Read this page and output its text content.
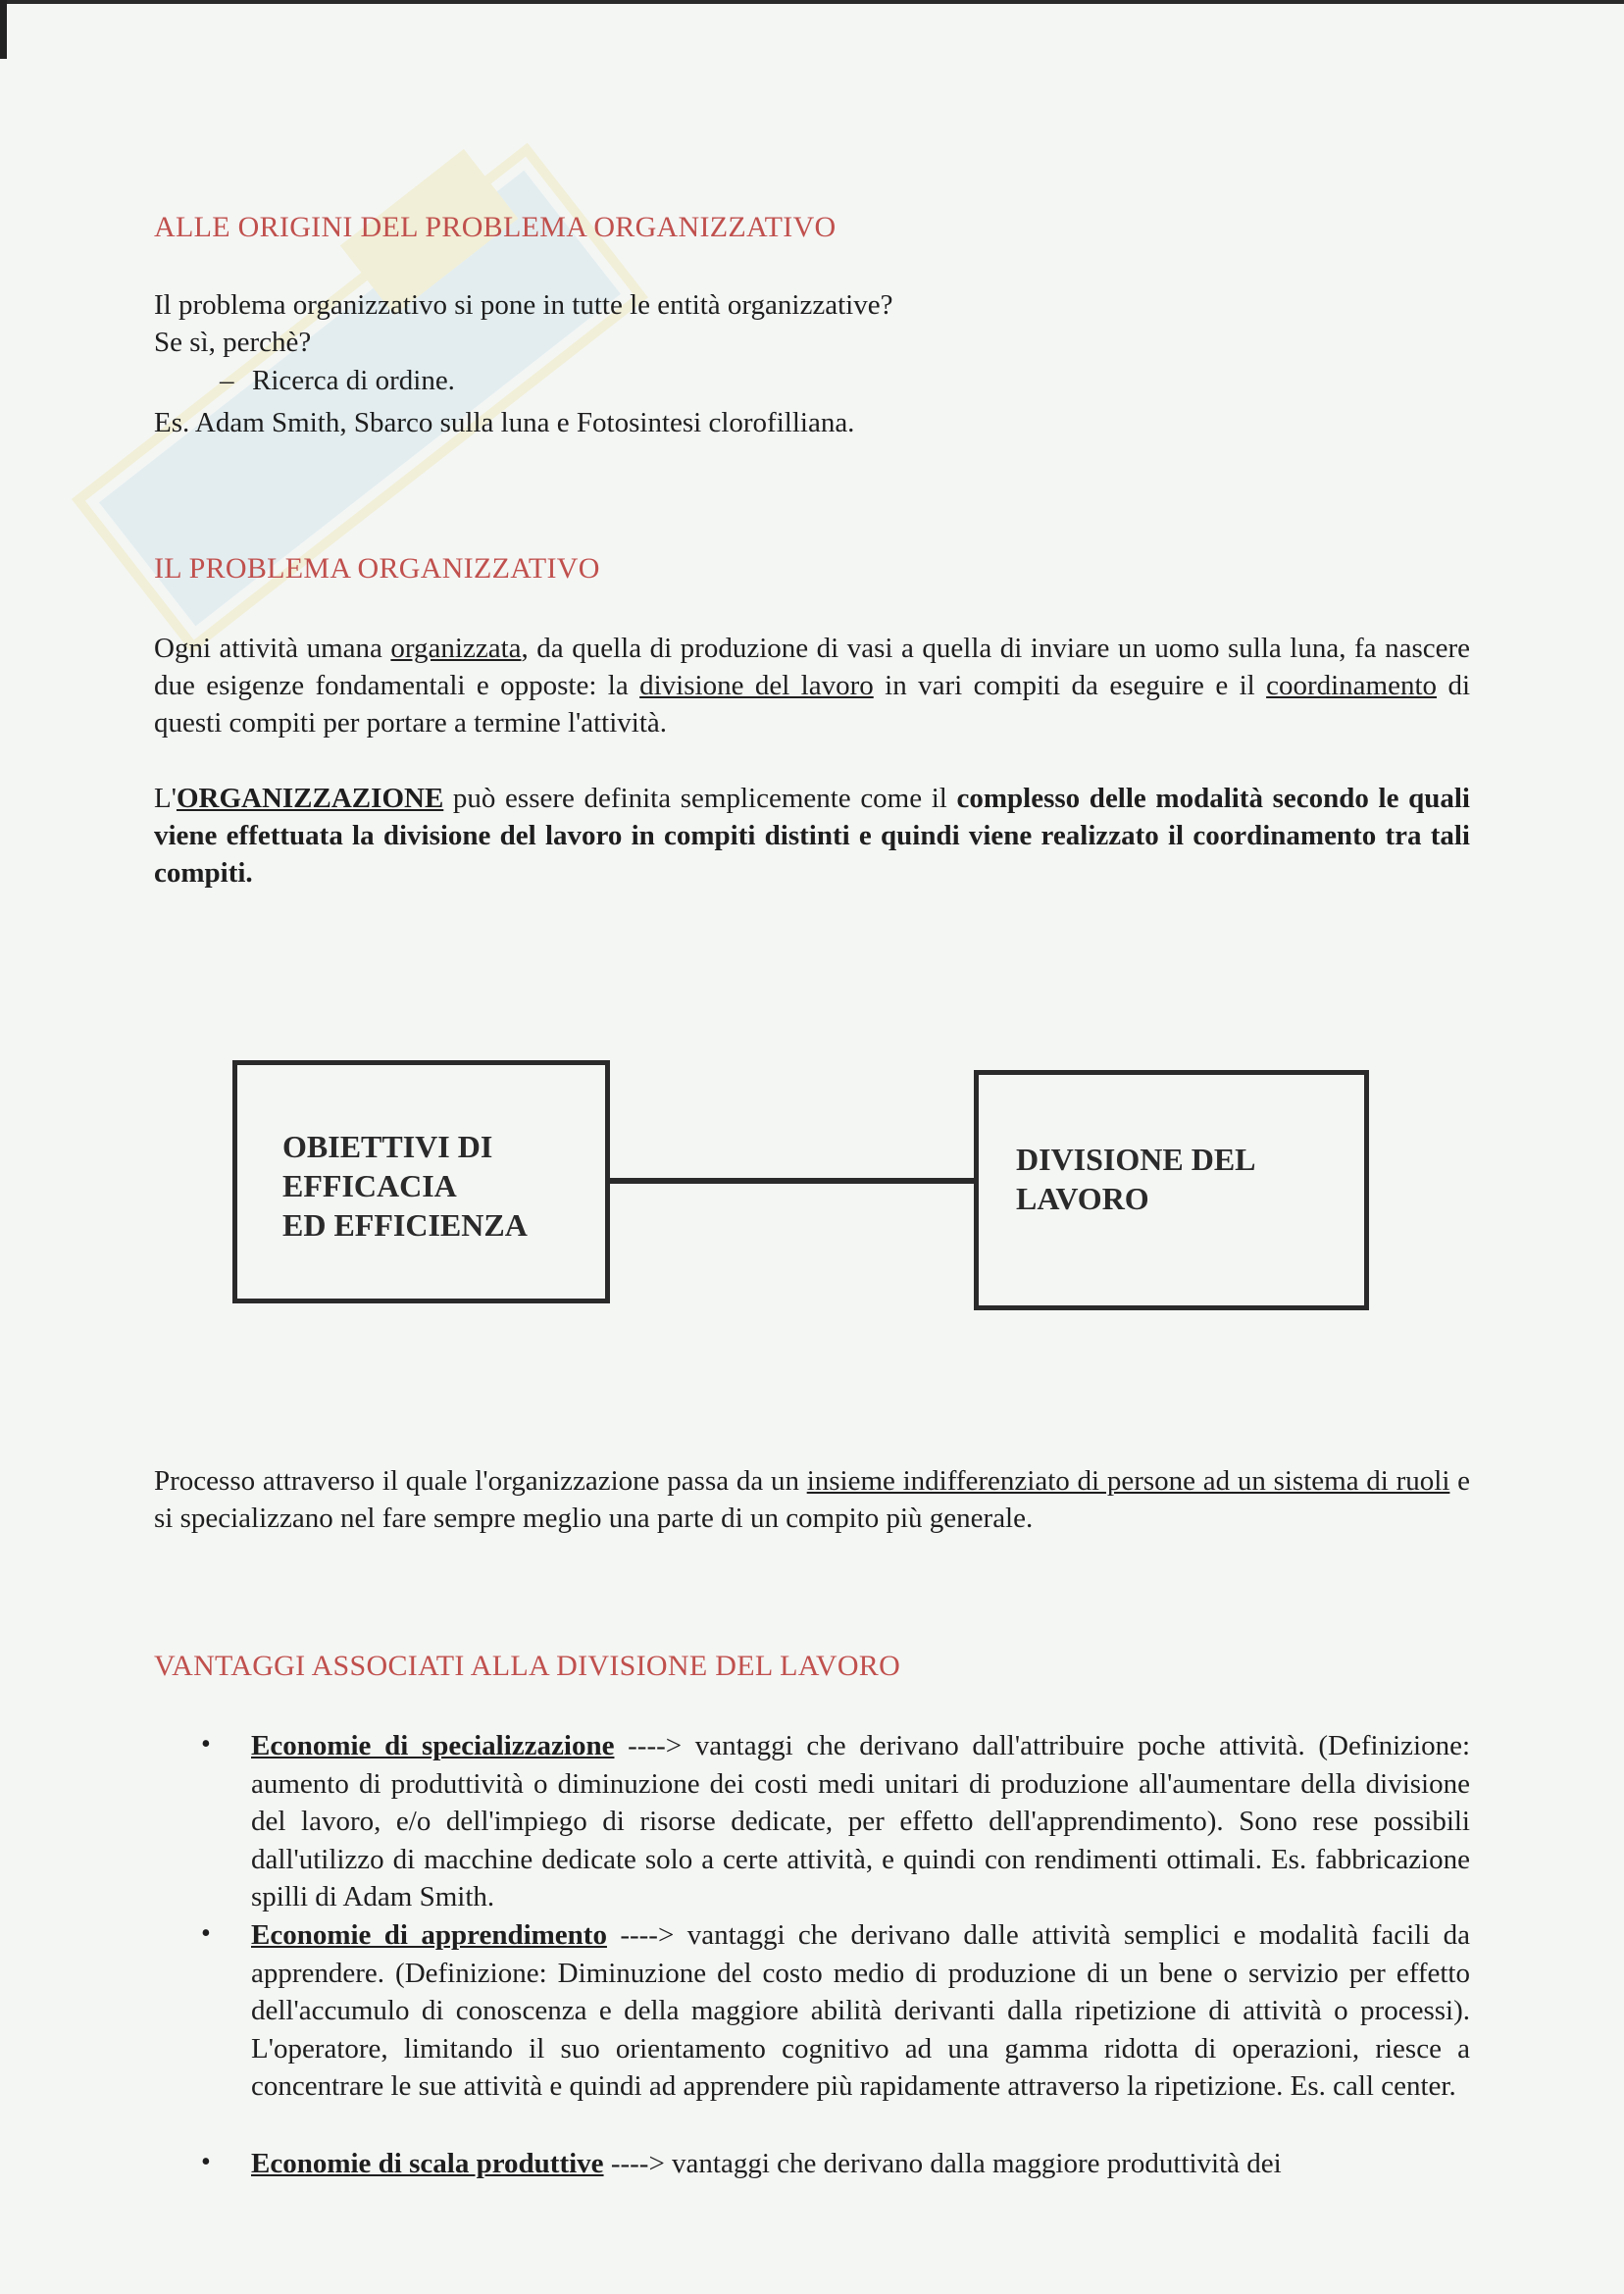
ALLE ORIGINI DEL PROBLEMA ORGANIZZATIVO
Il problema organizzativo si pone in tutte le entità organizzative?
Se sì, perchè?
– Ricerca di ordine.
Es. Adam Smith, Sbarco sulla luna e Fotosintesi clorofilliana.
IL PROBLEMA ORGANIZZATIVO
Ogni attività umana organizzata, da quella di produzione di vasi a quella di inviare un uomo sulla luna, fa nascere due esigenze fondamentali e opposte: la divisione del lavoro in vari compiti da eseguire e il coordinamento di questi compiti per portare a termine l'attività.
L'ORGANIZZAZIONE può essere definita semplicemente come il complesso delle modalità secondo le quali viene effettuata la divisione del lavoro in compiti distinti e quindi viene realizzato il coordinamento tra tali compiti.
OBIETTIVI DI
EFFICACIA
ED EFFICIENZA
DIVISIONE DEL
LAVORO
Processo attraverso il quale l'organizzazione passa da un insieme indifferenziato di persone ad un sistema di ruoli e si specializzano nel fare sempre meglio una parte di un compito più generale.
VANTAGGI ASSOCIATI ALLA DIVISIONE DEL LAVORO
• Economie di specializzazione ----> vantaggi che derivano dall'attribuire poche attività. (Definizione: aumento di produttività o diminuzione dei costi medi unitari di produzione all'aumentare della divisione del lavoro, e/o dell'impiego di risorse dedicate, per effetto dell'apprendimento). Sono rese possibili dall'utilizzo di macchine dedicate solo a certe attività, e quindi con rendimenti ottimali. Es. fabbricazione spilli di Adam Smith.
• Economie di apprendimento ----> vantaggi che derivano dalle attività semplici e modalità facili da apprendere. (Definizione: Diminuzione del costo medio di produzione di un bene o servizio per effetto dell'accumulo di conoscenza e della maggiore abilità derivanti dalla ripetizione di attività o processi). L'operatore, limitando il suo orientamento cognitivo ad una gamma ridotta di operazioni, riesce a concentrare le sue attività e quindi ad apprendere più rapidamente attraverso la ripetizione. Es. call center.
• Economie di scala produttive ----> vantaggi che derivano dalla maggiore produttività dei
